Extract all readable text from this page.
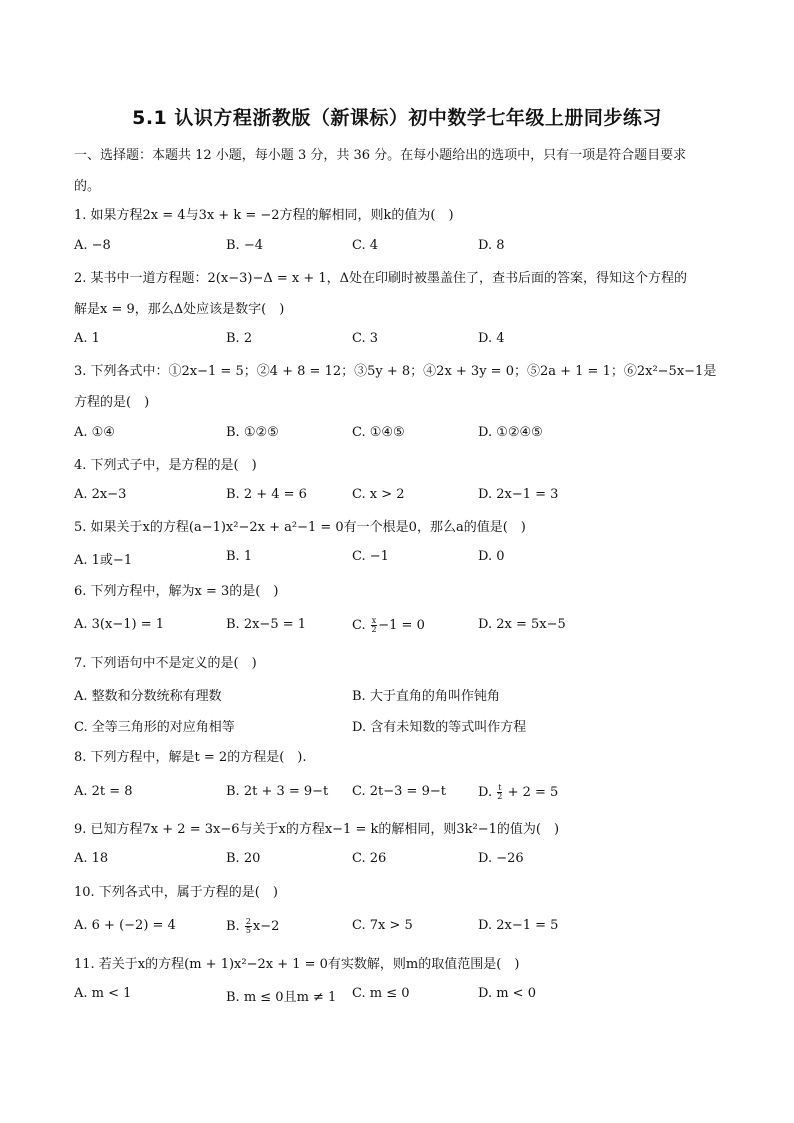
5.1 认识方程浙教版（新课标）初中数学七年级上册同步练习
一、选择题：本题共 12 小题，每小题 3 分，共 36 分。在每小题给出的选项中，只有一项是符合题目要求
的。
1. 如果方程2x = 4与3x + k = −2方程的解相同，则k的值为(　)
A. −8	B. −4	C. 4	D. 8
2. 某书中一道方程题：2(x−3)−Δ = x + 1，Δ处在印刷时被墨盖住了，查书后面的答案，得知这个方程的
解是x = 9，那么Δ处应该是数字(　)
A. 1	B. 2	C. 3	D. 4
3. 下列各式中：①2x−1 = 5；②4 + 8 = 12；③5y + 8；④2x + 3y = 0；⑤2a + 1 = 1；⑥2x²−5x−1是
方程的是(　)
A. ①④	B. ①②⑤	C. ①④⑤	D. ①②④⑤
4. 下列式子中，是方程的是(　)
A. 2x−3	B. 2 + 4 = 6	C. x > 2	D. 2x−1 = 3
5. 如果关于x的方程(a−1)x²−2x + a²−1 = 0有一个根是0，那么a的值是(　)
A. 1或−1	B. 1	C. −1	D. 0
6. 下列方程中，解为x = 3的是(　)
A. 3(x−1) = 1	B. 2x−5 = 1	C. $\frac{x}{2} -1 = 0$	D. 2x = 5x−5
7. 下列语句中不是定义的是(　)
A. 整数和分数统称有理数	B. 大于直角的角叫作钝角
C. 全等三角形的对应角相等	D. 含有未知数的等式叫作方程
8. 下列方程中，解是t = 2的方程是(　).
A. 2t = 8	B. 2t + 3 = 9−t C. 2t−3 = 9−t D. $\frac{t}{2} + 2 = 5$
9. 已知方程7x + 2 = 3x−6与关于x的方程x−1 = k的解相同，则3k²−1的值为(　)
A. 18	B. 20	C. 26	D. −26
10. 下列各式中，属于方程的是(　)
A. 6 + (−2) = 4	B. $\frac{2}{5} x-2$	C. 7x > 5	D. 2x−1 = 5
11. 若关于x的方程(m + 1)x²−2x + 1 = 0有实数解，则m的取值范围是(　)
A. m < 1	B. m ≤ 0且m ≠ 1 C. m ≤ 0	D. m < 0
